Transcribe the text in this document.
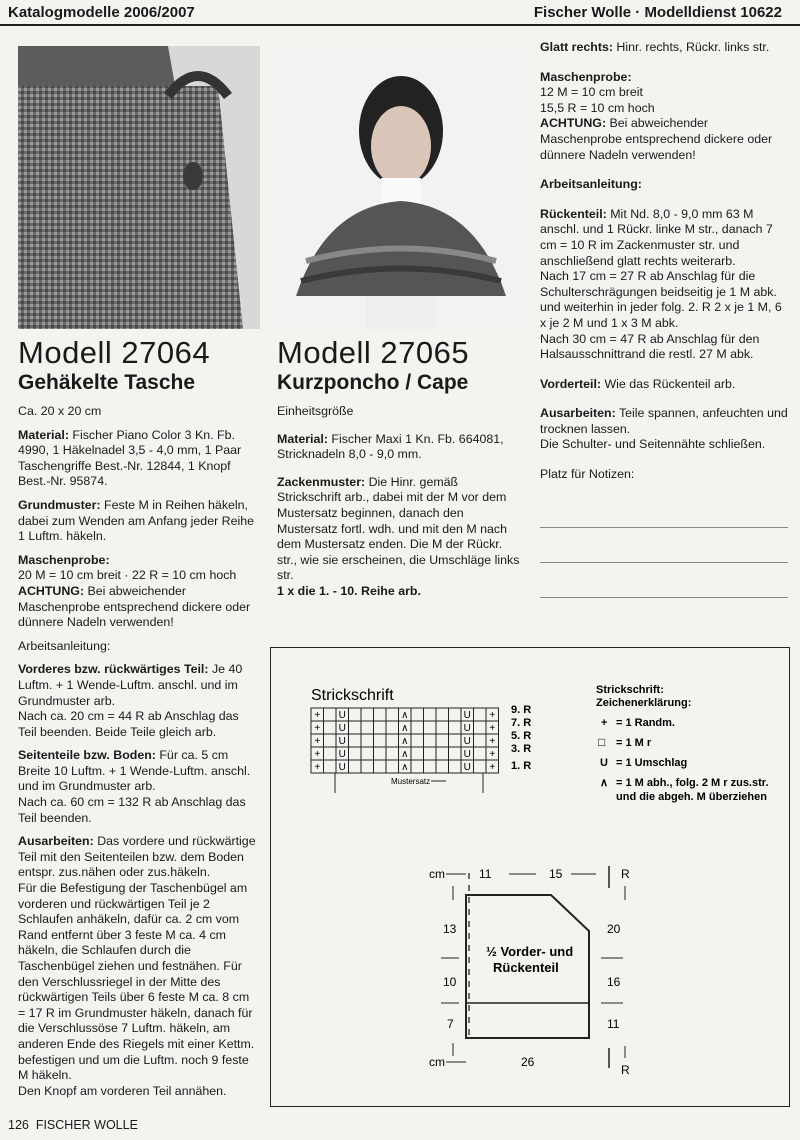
Katalogmodelle 2006/2007	Fischer Wolle · Modelldienst 10622
Modell 27064
Gehäkelte Tasche

Ca. 20 x 20 cm

Material: Fischer Piano Color 3 Kn. Fb. 4990, 1 Häkelnadel 3,5 - 4,0 mm, 1 Paar Taschengriffe Best.-Nr. 12844, 1 Knopf Best.-Nr. 95874.

Grundmuster: Feste M in Reihen häkeln, dabei zum Wenden am Anfang jeder Reihe 1 Luftm. häkeln.

Maschenprobe:
20 M = 10 cm breit · 22 R = 10 cm hoch
ACHTUNG: Bei abweichender Maschenprobe entsprechend dickere oder dünnere Nadeln verwenden!

Arbeitsanleitung:

Vorderes bzw. rückwärtiges Teil: Je 40 Luftm. + 1 Wende-Luftm. anschl. und im Grundmuster arb.
Nach ca. 20 cm = 44 R ab Anschlag das Teil beenden. Beide Teile gleich arb.

Seitenteile bzw. Boden: Für ca. 5 cm Breite 10 Luftm. + 1 Wende-Luftm. anschl. und im Grundmuster arb.
Nach ca. 60 cm = 132 R ab Anschlag das Teil beenden.

Ausarbeiten: Das vordere und rückwärtige Teil mit den Seitenteilen bzw. dem Boden entspr. zus.nähen oder zus.häkeln.
Für die Befestigung der Taschenbügel am vorderen und rückwärtigen Teil je 2 Schlaufen anhäkeln, dafür ca. 2 cm vom Rand entfernt über 3 feste M ca. 4 cm häkeln, die Schlaufen durch die Taschenbügel ziehen und festnähen. Für den Verschlussriegel in der Mitte des rückwärtigen Teils über 6 feste M ca. 8 cm = 17 R im Grundmuster häkeln, danach für die Verschlussöse 7 Luftm. häkeln, am anderen Ende des Riegels mit einer Kettm. befestigen und um die Luftm. noch 9 feste M häkeln.
Den Knopf am vorderen Teil annähen.

Modell 27065
Kurzponcho / Cape

Einheitsgröße

Material: Fischer Maxi 1 Kn. Fb. 664081, Stricknadeln 8,0 - 9,0 mm.

Zackenmuster: Die Hinr. gemäß Strickschrift arb., dabei mit der M vor dem Mustersatz beginnen, danach den Mustersatz fortl. wdh. und mit den M nach dem Mustersatz enden. Die M der Rückr. str., wie sie erscheinen, die Umschläge links str.
1 x die 1. - 10. Reihe arb.

Glatt rechts: Hinr. rechts, Rückr. links str.

Maschenprobe:
12 M = 10 cm breit
15,5 R = 10 cm hoch
ACHTUNG: Bei abweichender Maschenprobe entsprechend dickere oder dünnere Nadeln verwenden!

Arbeitsanleitung:

Rückenteil: Mit Nd. 8,0 - 9,0 mm 63 M anschl. und 1 Rückr. linke M str., danach 7 cm = 10 R im Zackenmuster str. und anschließend glatt rechts weiterarb.
Nach 17 cm = 27 R ab Anschlag für die Schulterschrägungen beidseitig je 1 M abk. und weiterhin in jeder folg. 2. R 2 x je 1 M, 6 x je 2 M und 1 x 3 M abk.
Nach 30 cm = 47 R ab Anschlag für den Halsausschnittrand die restl. 27 M abk.

Vorderteil: Wie das Rückenteil arb.

Ausarbeiten: Teile spannen, anfeuchten und trocknen lassen.
Die Schulter- und Seitennähte schließen.

Platz für Notizen:

Strickschrift
+ U	∧	U +
+ U	∧	U +
+ U	∧	U +
+ U	∧	U +
+ U	∧	U +
9. R
7. R
5. R
3. R
1. R
Mustersatz
Strickschrift:
Zeichenerklärung:
+ = 1 Randm.
□ = 1 M r
U = 1 Umschlag
∧ = 1 M abh., folg. 2 M r zus.str.
und die abgeh. M überziehen
½ Vorder- und
Rückenteil
cm	11	15	R
13
10
7
20
16
11
cm	26
R
126 FISCHER WOLLE
